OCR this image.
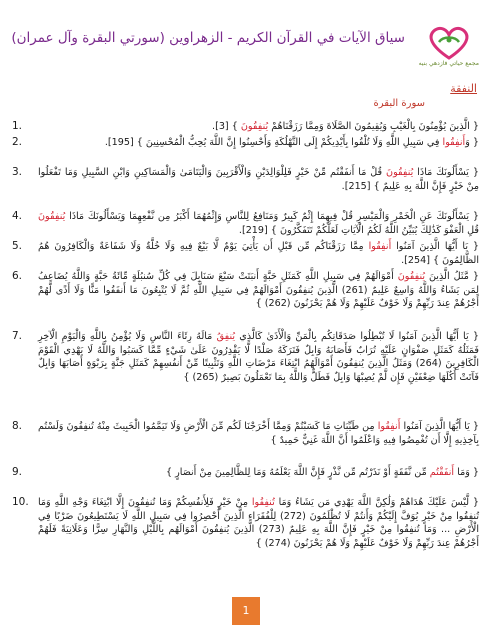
سياق الآيات في القرآن الكريم - الزهراوين (سورتي البقرة وآل عمران)
مجمع حياتي فازدهي بنيه
النفقة
سورة البقرة
1.	{ الَّذِينَ يُؤْمِنُونَ بِالْغَيْبِ وَيُقِيمُونَ الصَّلَاةَ وَمِمَّا رَزَقْنَاهُمْ يُنفِقُونَ } [3].
2.	{ وَأَنفِقُوا فِي سَبِيلِ اللَّهِ وَلَا تُلْقُوا بِأَيْدِيكُمْ إِلَى التَّهْلُكَةِ وَأَحْسِنُوا إِنَّ اللَّهَ يُحِبُّ الْمُحْسِنِينَ } [195].
3.	{ يَسْأَلُونَكَ مَاذَا يُنفِقُونَ قُلْ مَا أَنفَقْتُم مِّنْ خَيْرٍ فَلِلْوَالِدَيْنِ وَالْأَقْرَبِينَ وَالْيَتَامَىٰ وَالْمَسَاكِينِ وَابْنِ السَّبِيلِ وَمَا تَفْعَلُوا مِنْ خَيْرٍ فَإِنَّ اللَّهَ بِهِ عَلِيمٌ } [215].
4.	{ يَسْأَلُونَكَ عَنِ الْخَمْرِ وَالْمَيْسِرِ قُلْ فِيهِمَا إِثْمٌ كَبِيرٌ وَمَنَافِعُ لِلنَّاسِ وَإِثْمُهُمَا أَكْبَرُ مِن نَّفْعِهِمَا وَيَسْأَلُونَكَ مَاذَا يُنفِقُونَ قُلِ الْعَفْوَ كَذَٰلِكَ يُبَيِّنُ اللَّهُ لَكُمُ الْآيَاتِ لَعَلَّكُمْ تَتَفَكَّرُونَ } [219].
5.	{ يَا أَيُّهَا الَّذِينَ آمَنُوا أَنفِقُوا مِمَّا رَزَقْنَاكُم مِّن قَبْلِ أَن يَأْتِيَ يَوْمٌ لَّا بَيْعٌ فِيهِ وَلَا خُلَّةٌ وَلَا شَفَاعَةٌ وَالْكَافِرُونَ هُمُ الظَّالِمُونَ } [254].
6.	{ مَّثَلُ الَّذِينَ يُنفِقُونَ أَمْوَالَهُمْ فِي سَبِيلِ اللَّهِ كَمَثَلِ حَبَّةٍ أَنبَتَتْ سَبْعَ سَنَابِلَ فِي كُلِّ سُنبُلَةٍ مِّائَةُ حَبَّةٍ وَاللَّهُ يُضَاعِفُ لِمَن يَشَاءُ وَاللَّهُ وَاسِعٌ عَلِيمٌ (261) الَّذِينَ يُنفِقُونَ أَمْوَالَهُمْ فِي سَبِيلِ اللَّهِ ثُمَّ لَا يُتْبِعُونَ مَا أَنفَقُوا مَنًّا وَلَا أَذًى لَّهُمْ أَجْرُهُمْ عِندَ رَبِّهِمْ وَلَا خَوْفٌ عَلَيْهِمْ وَلَا هُمْ يَحْزَنُونَ (262) }
7.	{ يَا أَيُّهَا الَّذِينَ آمَنُوا لَا تُبْطِلُوا صَدَقَاتِكُم بِالْمَنِّ وَالْأَذَىٰ كَالَّذِي يُنفِقُ مَالَهُ رِئَاءَ النَّاسِ وَلَا يُؤْمِنُ بِاللَّهِ وَالْيَوْمِ الْآخِرِ فَمَثَلُهُ كَمَثَلِ صَفْوَانٍ عَلَيْهِ تُرَابٌ فَأَصَابَهُ وَابِلٌ فَتَرَكَهُ صَلْدًا لَّا يَقْدِرُونَ عَلَىٰ شَيْءٍ مِّمَّا كَسَبُوا وَاللَّهُ لَا يَهْدِي الْقَوْمَ الْكَافِرِينَ (264) وَمَثَلُ الَّذِينَ يُنفِقُونَ أَمْوَالَهُمُ ابْتِغَاءَ مَرْضَاتِ اللَّهِ وَتَثْبِيتًا مِّنْ أَنفُسِهِمْ كَمَثَلِ جَنَّةٍ بِرَبْوَةٍ أَصَابَهَا وَابِلٌ فَآتَتْ أُكُلَهَا ضِعْفَيْنِ فَإِن لَّمْ يُصِبْهَا وَابِلٌ فَطَلٌّ وَاللَّهُ بِمَا تَعْمَلُونَ بَصِيرٌ (265) }
8.	{ يَا أَيُّهَا الَّذِينَ آمَنُوا أَنفِقُوا مِن طَيِّبَاتِ مَا كَسَبْتُمْ وَمِمَّا أَخْرَجْنَا لَكُم مِّنَ الْأَرْضِ وَلَا تَيَمَّمُوا الْخَبِيثَ مِنْهُ تُنفِقُونَ وَلَسْتُم بِآخِذِيهِ إِلَّا أَن تُغْمِضُوا فِيهِ وَاعْلَمُوا أَنَّ اللَّهَ غَنِيٌّ حَمِيدٌ }
9.	{ وَمَا أَنفَقْتُم مِّن نَّفَقَةٍ أَوْ نَذَرْتُم مِّن نَّذْرٍ فَإِنَّ اللَّهَ يَعْلَمُهُ وَمَا لِلظَّالِمِينَ مِنْ أَنصَارٍ }
10.	{ لَّيْسَ عَلَيْكَ هُدَاهُمْ وَلَٰكِنَّ اللَّهَ يَهْدِي مَن يَشَاءُ وَمَا تُنفِقُوا مِنْ خَيْرٍ فَلِأَنفُسِكُمْ وَمَا تُنفِقُونَ إِلَّا ابْتِغَاءَ وَجْهِ اللَّهِ وَمَا تُنفِقُوا مِنْ خَيْرٍ يُوَفَّ إِلَيْكُمْ وَأَنتُمْ لَا تُظْلَمُونَ (272) لِلْفُقَرَاءِ الَّذِينَ أُحْصِرُوا فِي سَبِيلِ اللَّهِ لَا يَسْتَطِيعُونَ ضَرْبًا فِي الْأَرْضِ ... وَمَا تُنفِقُوا مِنْ خَيْرٍ فَإِنَّ اللَّهَ بِهِ عَلِيمٌ (273) الَّذِينَ يُنفِقُونَ أَمْوَالَهُم بِاللَّيْلِ وَالنَّهَارِ سِرًّا وَعَلَانِيَةً فَلَهُمْ أَجْرُهُمْ عِندَ رَبِّهِمْ وَلَا خَوْفٌ عَلَيْهِمْ وَلَا هُمْ يَحْزَنُونَ (274) }
1
